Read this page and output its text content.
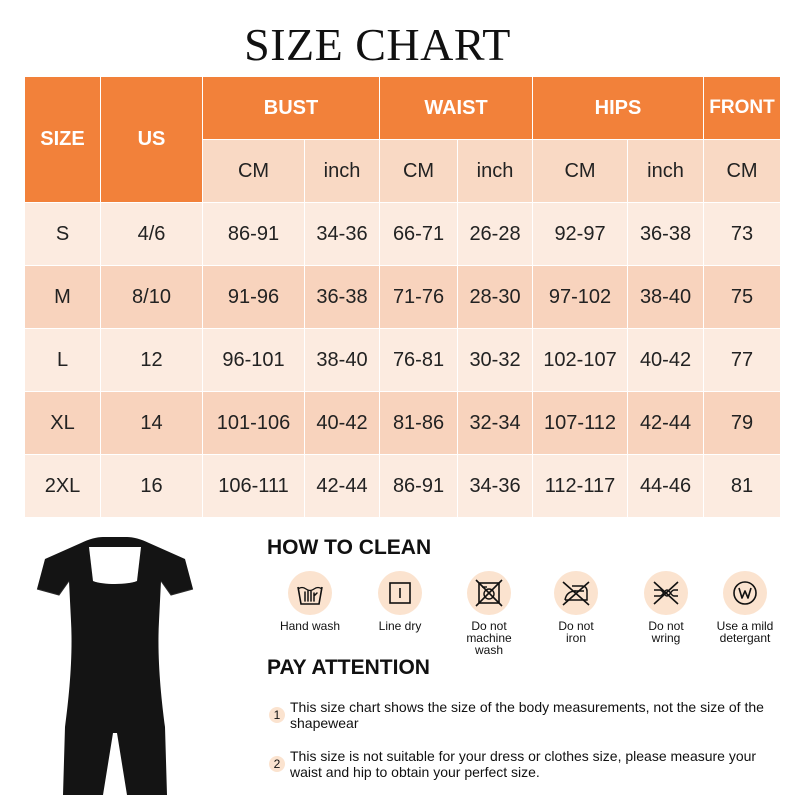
SIZE CHART
SIZE	US	BUST		WAIST		HIPS		FRONT
		CM	inch	CM	inch	CM	inch	CM
S	4/6	86-91	34-36	66-71	26-28	92-97	36-38	73
M	8/10	91-96	36-38	71-76	28-30	97-102	38-40	75
L	12	96-101	38-40	76-81	30-32	102-107	40-42	77
XL	14	101-106	40-42	81-86	32-34	107-112	42-44	79
2XL	16	106-111	42-44	86-91	34-36	112-117	44-46	81
HOW TO CLEAN
Hand wash	Line dry	Do not
machine
wash
Do not
iron
Do not
wring
Use a mild
detergant
PAY ATTENTION
1 This size chart shows the size of the body measurements, not the size of the shapewear
2 This size is not suitable for your dress or clothes size, please measure your waist and hip to obtain your perfect size.
